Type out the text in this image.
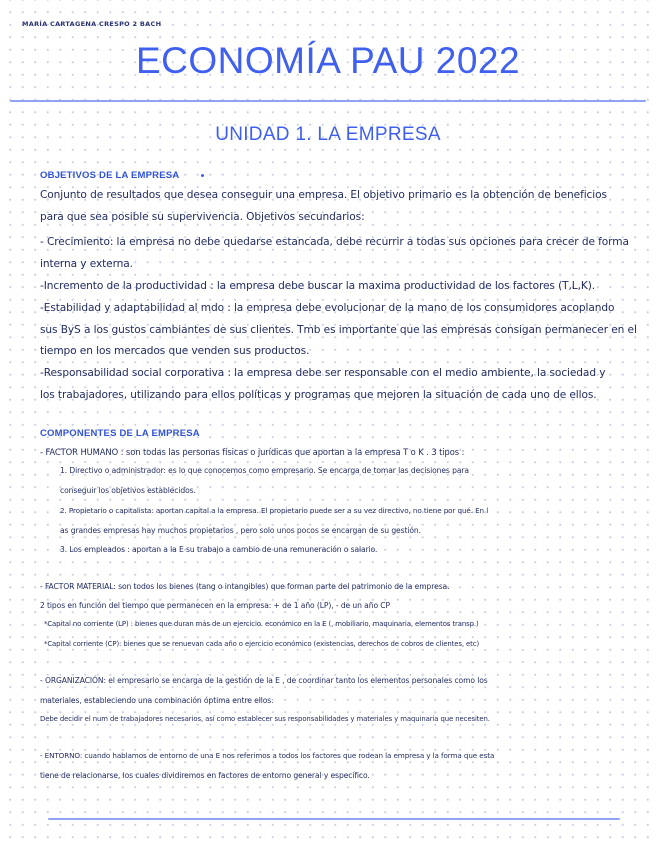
MARÍA CARTAGENA CRESPO 2 BACH
ECONOMÍA PAU 2022
UNIDAD 1. LA EMPRESA
OBJETIVOS DE LA EMPRESA
Conjunto de resultados que desea conseguir una empresa. El objetivo primario es la obtención de beneficios
para que sea posible su supervivencia. Objetivos secundarios:
- Crecimiento: la empresa no debe quedarse estancada, debe recurrir a todas sus opciones para crecer de forma
interna y externa.
-Incremento de la productividad : la empresa debe buscar la maxima productividad de los factores (T,L,K).
-Estabilidad y adaptabilidad al mdo : la empresa debe evolucionar de la mano de los consumidores acoplando
sus ByS a los gustos cambiantes de sus clientes. Tmb es importante que las empresas consigan permanecer en el
tiempo en los mercados que venden sus productos.
-Responsabilidad social corporativa : la empresa debe ser responsable con el medio ambiente, la sociedad y
los trabajadores, utilizando para ellos políticas y programas que mejoren la situación de cada uno de ellos.
COMPONENTES DE LA EMPRESA
- FACTOR HUMANO : son todas las personas físicas o jurídicas que aportan a la empresa T o K . 3 tipos :
1. Directivo o administrador: es lo que conocemos como empresario. Se encarga de tomar las decisiones para
conseguir los objetivos establecidos.
2. Propietario o capitalista: aportan capital a la empresa. El propietario puede ser a su vez directivo, no tiene por qué. En l
as grandes empresas hay muchos propietarios , pero solo unos pocos se encargan de su gestión.
3. Los empleados : aportan a la E su trabajo a cambio de una remuneración o salario.
- FACTOR MATERIAL: son todos los bienes (tang o intangibles) que forman parte del patrimonio de la empresa.
2 tipos en función del tiempo que permanecen en la empresa: + de 1 año (LP), - de un año CP
*Capital no corriente (LP) : bienes que duran más de un ejercicio. económico en la E (, mobiliario, maquinaria, elementos transp.)
*Capital corriente (CP): bienes que se renuevan cada año o ejercicio económico (existencias, derechos de cobros de clientes, etc)
- ORGANIZACIÓN: el empresario se encarga de la gestión de la E , de coordinar tanto los elementos personales como los
materiales, estableciendo una combinación óptima entre ellos.
Debe decidir el num de trabajadores necesarios, así como establecer sus responsabilidades y materiales y maquinaria que necesiten.
- ENTORNO: cuando hablamos de entorno de una E nos referimos a todos los factores que rodean la empresa y la forma que esta
tiene de relacionarse, los cuales dividiremos en factores de entorno general y específico.
